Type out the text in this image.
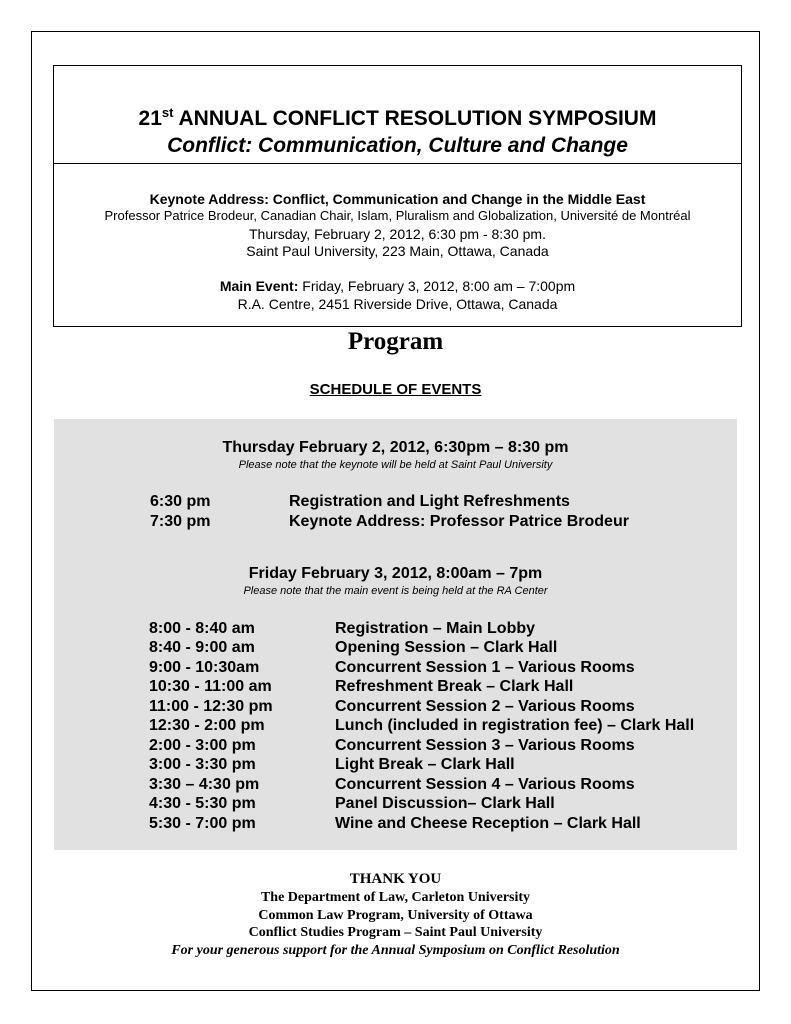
21st ANNUAL CONFLICT RESOLUTION SYMPOSIUM
Conflict: Communication, Culture and Change
Keynote Address: Conflict, Communication and Change in the Middle East
Professor Patrice Brodeur, Canadian Chair, Islam, Pluralism and Globalization, Université de Montréal
Thursday, February 2, 2012, 6:30 pm - 8:30 pm.
Saint Paul University, 223 Main, Ottawa, Canada
Main Event: Friday, February 3, 2012, 8:00 am – 7:00pm
R.A. Centre, 2451 Riverside Drive, Ottawa, Canada
Program
SCHEDULE OF EVENTS
Thursday February 2, 2012, 6:30pm – 8:30 pm
Please note that the keynote will be held at Saint Paul University
6:30 pm	Registration and Light Refreshments
7:30 pm	Keynote Address: Professor Patrice Brodeur
Friday February 3, 2012, 8:00am – 7pm
Please note that the main event is being held at the RA Center
8:00 - 8:40 am	Registration – Main Lobby
8:40 - 9:00 am	Opening Session – Clark Hall
9:00 - 10:30am	Concurrent Session 1 – Various Rooms
10:30 - 11:00 am	Refreshment Break – Clark Hall
11:00 - 12:30 pm	Concurrent Session 2 – Various Rooms
12:30 - 2:00 pm	Lunch (included in registration fee) – Clark Hall
2:00 - 3:00 pm	Concurrent Session 3 – Various Rooms
3:00 - 3:30 pm	Light Break – Clark Hall
3:30 – 4:30 pm	Concurrent Session 4 – Various Rooms
4:30 - 5:30 pm	Panel Discussion– Clark Hall
5:30 - 7:00 pm	Wine and Cheese Reception – Clark Hall
THANK YOU
The Department of Law, Carleton University
Common Law Program, University of Ottawa
Conflict Studies Program – Saint Paul University
For your generous support for the Annual Symposium on Conflict Resolution
